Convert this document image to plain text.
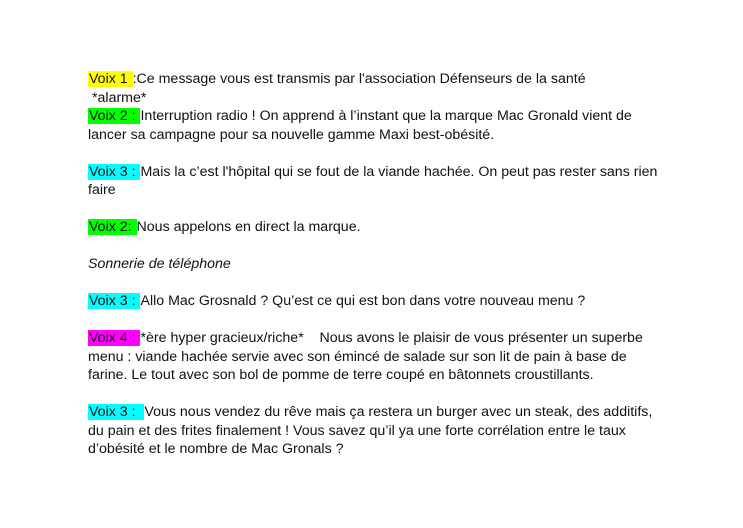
Voix 1 :Ce message vous est transmis par l'association Défenseurs de la santé

*alarme*

Voix 2 : Interruption radio ! On apprend à l’instant que la marque Mac Gronald vient de lancer sa campagne pour sa nouvelle gamme Maxi best-obésité.

Voix 3 : Mais la c’est l'hôpital qui se fout de la viande hachée. On peut pas rester sans rien faire

Voix 2: Nous appelons en direct la marque.

Sonnerie de téléphone

Voix 3 : Allo Mac Grosnald ? Qu’est ce qui est bon dans votre nouveau menu ?

Voix 4 : *ère hyper gracieux/riche*    Nous avons le plaisir de vous présenter un superbe menu : viande hachée servie avec son émincé de salade sur son lit de pain à base de farine. Le tout avec son bol de pomme de terre coupé en bâtonnets croustillants.

Voix 3 :  Vous nous vendez du rêve mais ça restera un burger avec un steak, des additifs, du pain et des frites finalement ! Vous savez qu’il ya une forte corrélation entre le taux d’obésité et le nombre de Mac Gronals ?
